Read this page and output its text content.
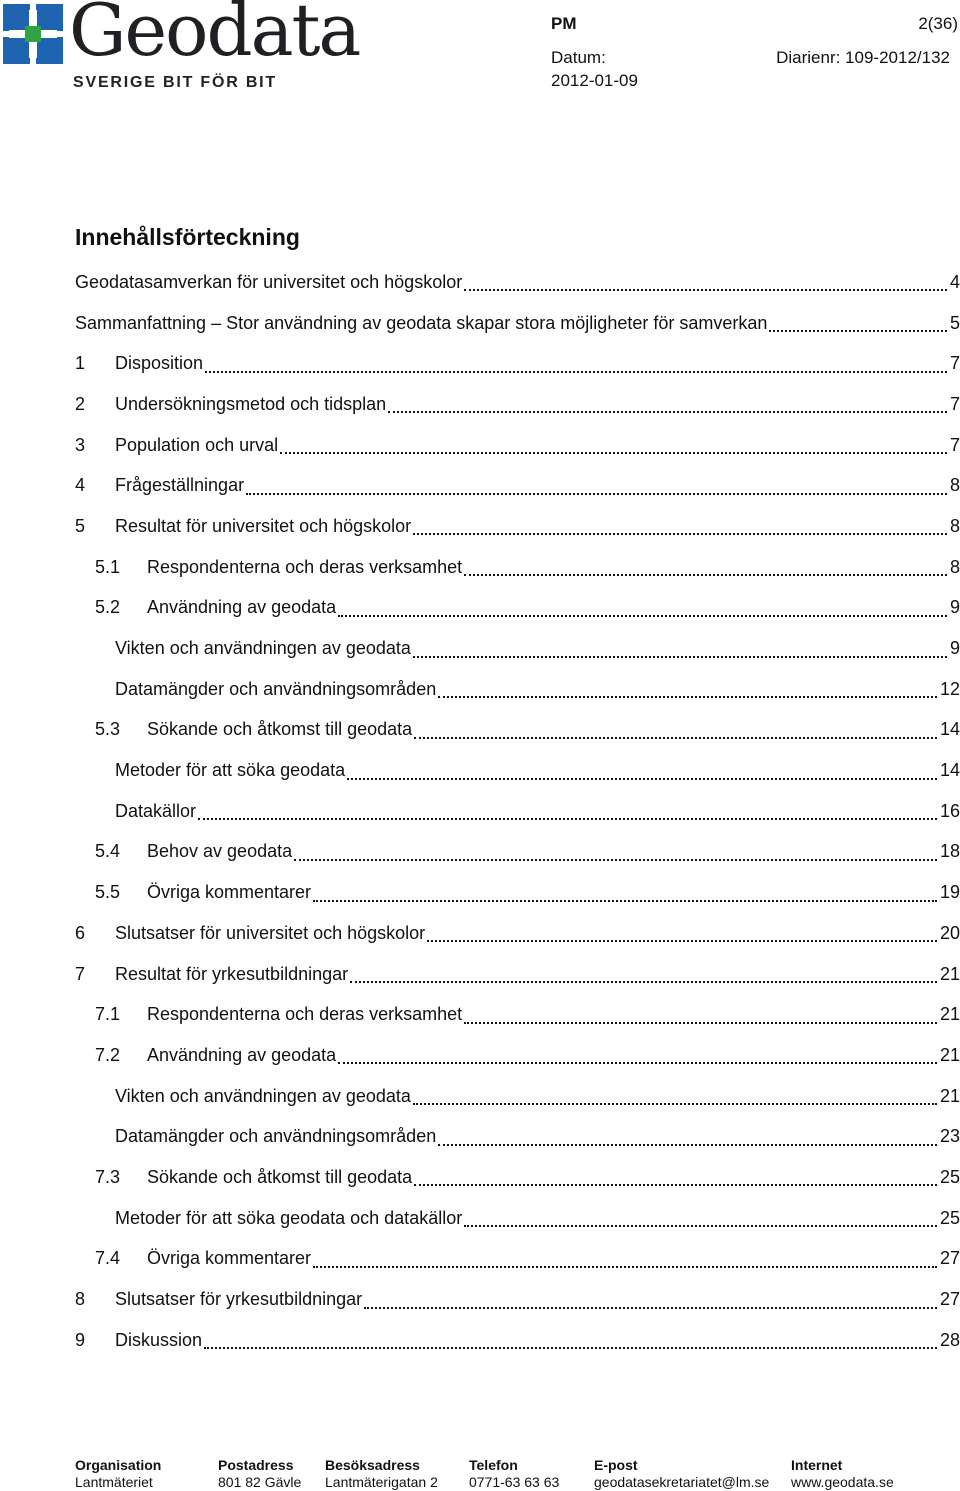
Geodata
SVERIGE BIT FÖR BIT
PM	2(36)
Datum:	Diarienr: 109-2012/132
2012-01-09
Innehållsförteckning
Geodatasamverkan för universitet och högskolor	4
Sammanfattning – Stor användning av geodata skapar stora möjligheter för samverkan	5
1	Disposition	7
2	Undersökningsmetod och tidsplan	7
3	Population och urval	7
4	Frågeställningar	8
5	Resultat för universitet och högskolor	8
5.1	Respondenterna och deras verksamhet	8
5.2	Användning av geodata	9
Vikten och användningen av geodata	9
Datamängder och användningsområden	12
5.3	Sökande och åtkomst till geodata	14
Metoder för att söka geodata	14
Datakällor	16
5.4	Behov av geodata	18
5.5	Övriga kommentarer	19
6	Slutsatser för universitet och högskolor	20
7	Resultat för yrkesutbildningar	21
7.1	Respondenterna och deras verksamhet	21
7.2	Användning av geodata	21
Vikten och användningen av geodata	21
Datamängder och användningsområden	23
7.3	Sökande och åtkomst till geodata	25
Metoder för att söka geodata och datakällor	25
7.4	Övriga kommentarer	27
8	Slutsatser för yrkesutbildningar	27
9	Diskussion	28
Organisation
Lantmäteriet
Postadress
801 82 Gävle
Besöksadress
Lantmäterigatan 2
Telefon
0771-63 63 63
E-post
geodatasekretariatet@lm.se
Internet
www.geodata.se
